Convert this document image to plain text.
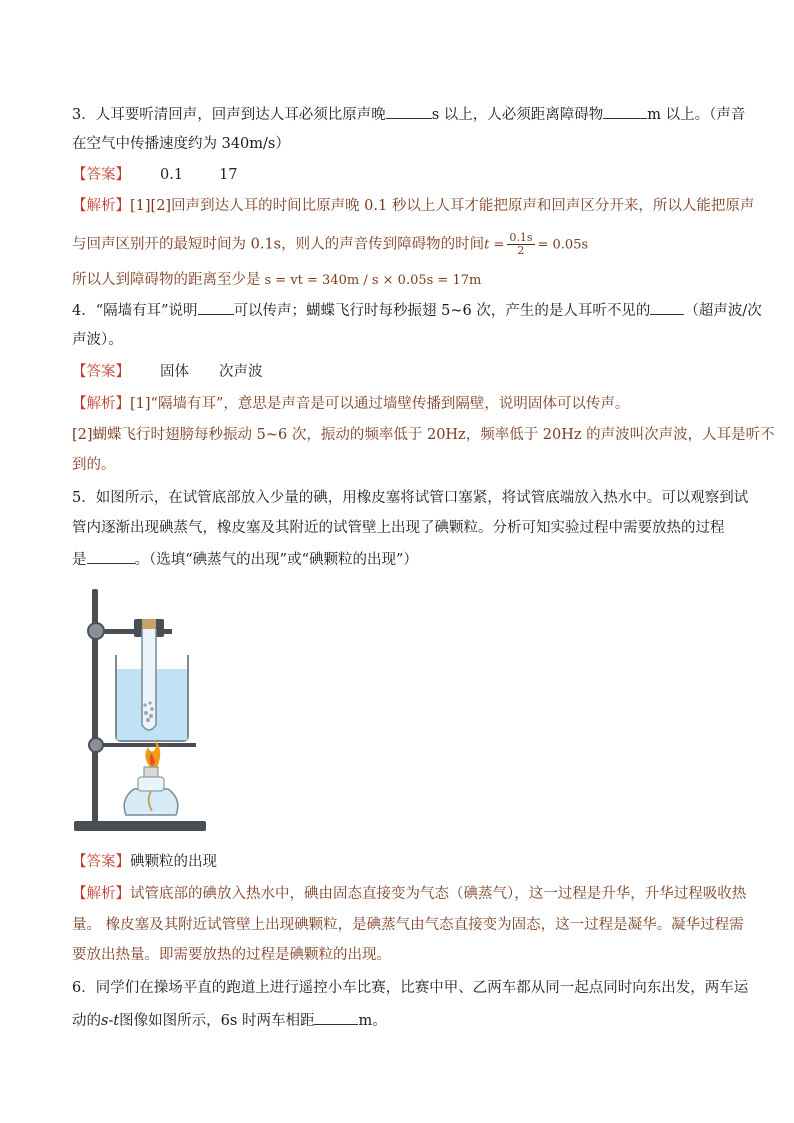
3．人耳要听清回声，回声到达人耳必须比原声晚	s 以上，人必须距离障碍物	m 以上。（声音
在空气中传播速度约为 340m/s）
【答案】 0.1 17
【解析】[1][2]回声到达人耳的时间比原声晚 0.1 秒以上人耳才能把原声和回声区分开来，所以人能把原声
与回声区别开的最短时间为 0.1s，则人的声音传到障碍物的时间$t = \frac{0.1s}{2} = 0.05s$
所以人到障碍物的距离至少是 s = vt = 340m / s × 0.05s = 17m
4．“隔墙有耳”说明 可以传声；蝴蝶飞行时每秒振翅 5~6 次，产生的是人耳听不见的 （超声波/次
声波）。
【答案】 固体 次声波
【解析】[1]“隔墙有耳”，意思是声音是可以通过墙壁传播到隔壁，说明固体可以传声。
[2]蝴蝶飞行时翅膀每秒振动 5~6 次，振动的频率低于 20Hz，频率低于 20Hz 的声波叫次声波，人耳是听不
到的。
5．如图所示，在试管底部放入少量的碘，用橡皮塞将试管口塞紧，将试管底端放入热水中。可以观察到试
管内逐渐出现碘蒸气，橡皮塞及其附近的试管壁上出现了碘颗粒。分析可知实验过程中需要放热的过程
是	。（选填“碘蒸气的出现”或“碘颗粒的出现”）
【答案】碘颗粒的出现
【解析】试管底部的碘放入热水中，碘由固态直接变为气态（碘蒸气），这一过程是升华，升华过程吸收热
量。 橡皮塞及其附近试管壁上出现碘颗粒，是碘蒸气由气态直接变为固态，这一过程是凝华。凝华过程需
要放出热量。即需要放热的过程是碘颗粒的出现。
6．同学们在操场平直的跑道上进行遥控小车比赛，比赛中甲、乙两车都从同一起点同时向东出发，两车运
动的s-t图像如图所示，6s 时两车相距	m。
